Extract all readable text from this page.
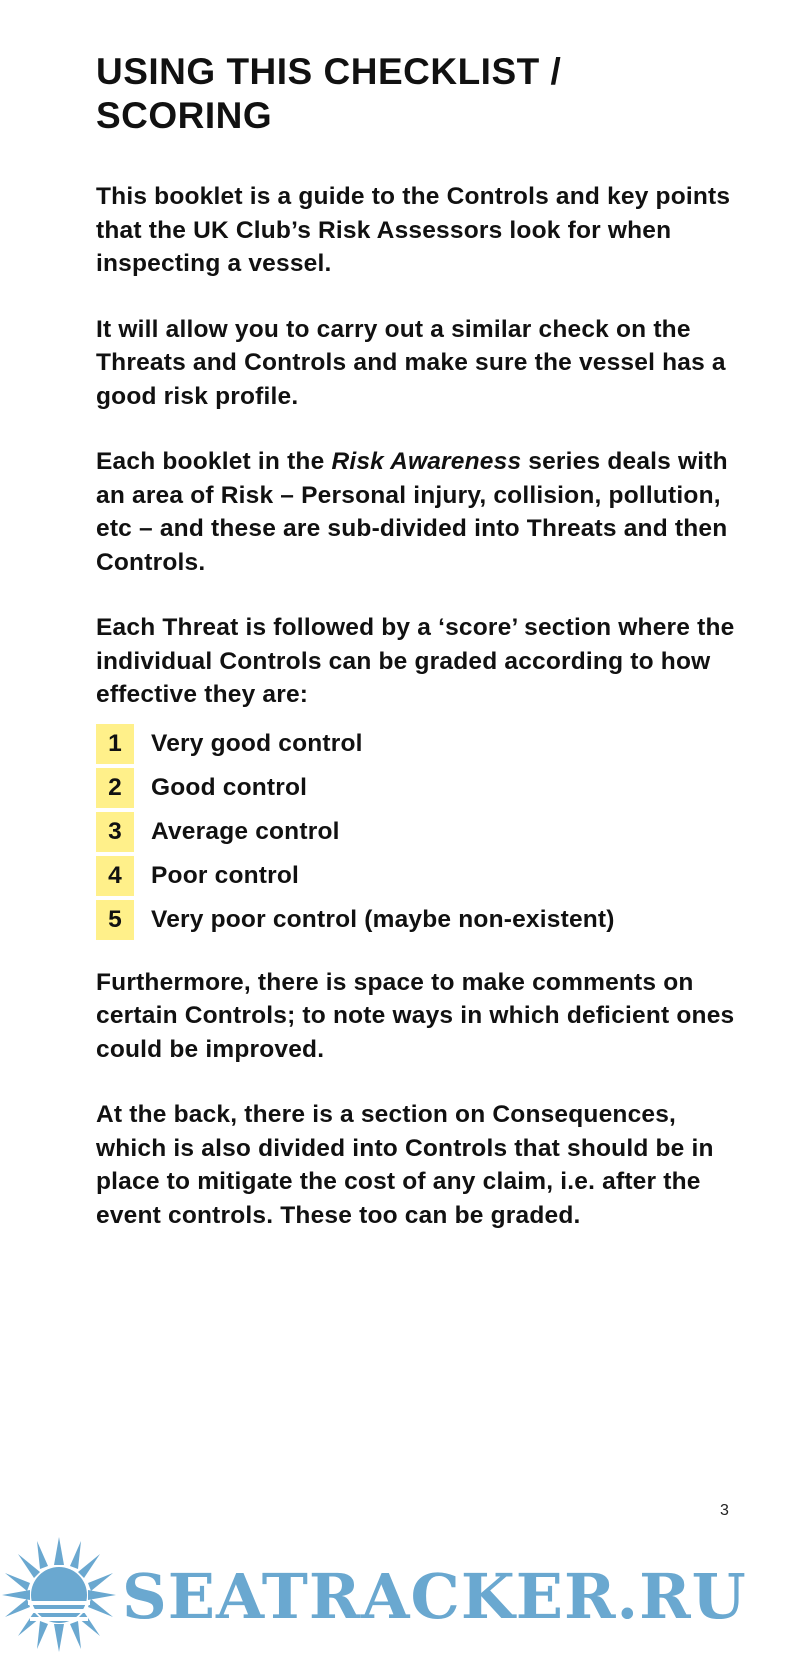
USING THIS CHECKLIST / SCORING

This booklet is a guide to the Controls and key points that the UK Club’s Risk Assessors look for when inspecting a vessel.

It will allow you to carry out a similar check on the Threats and Controls and make sure the vessel has a good risk profile.

Each booklet in the Risk Awareness series deals with an area of Risk – Personal injury, collision, pollution, etc – and these are sub-divided into Threats and then Controls.

Each Threat is followed by a ‘score’ section where the individual Controls can be graded according to how effective they are:

1	Very good control
2	Good control
3	Average control
4	Poor control
5	Very poor control (maybe non-existent)

Furthermore, there is space to make comments on certain Controls; to note ways in which deficient ones could be improved.

At the back, there is a section on Consequences, which is also divided into Controls that should be in place to mitigate the cost of any claim, i.e. after the event controls. These too can be graded.

3
SEATRACKER.RU
